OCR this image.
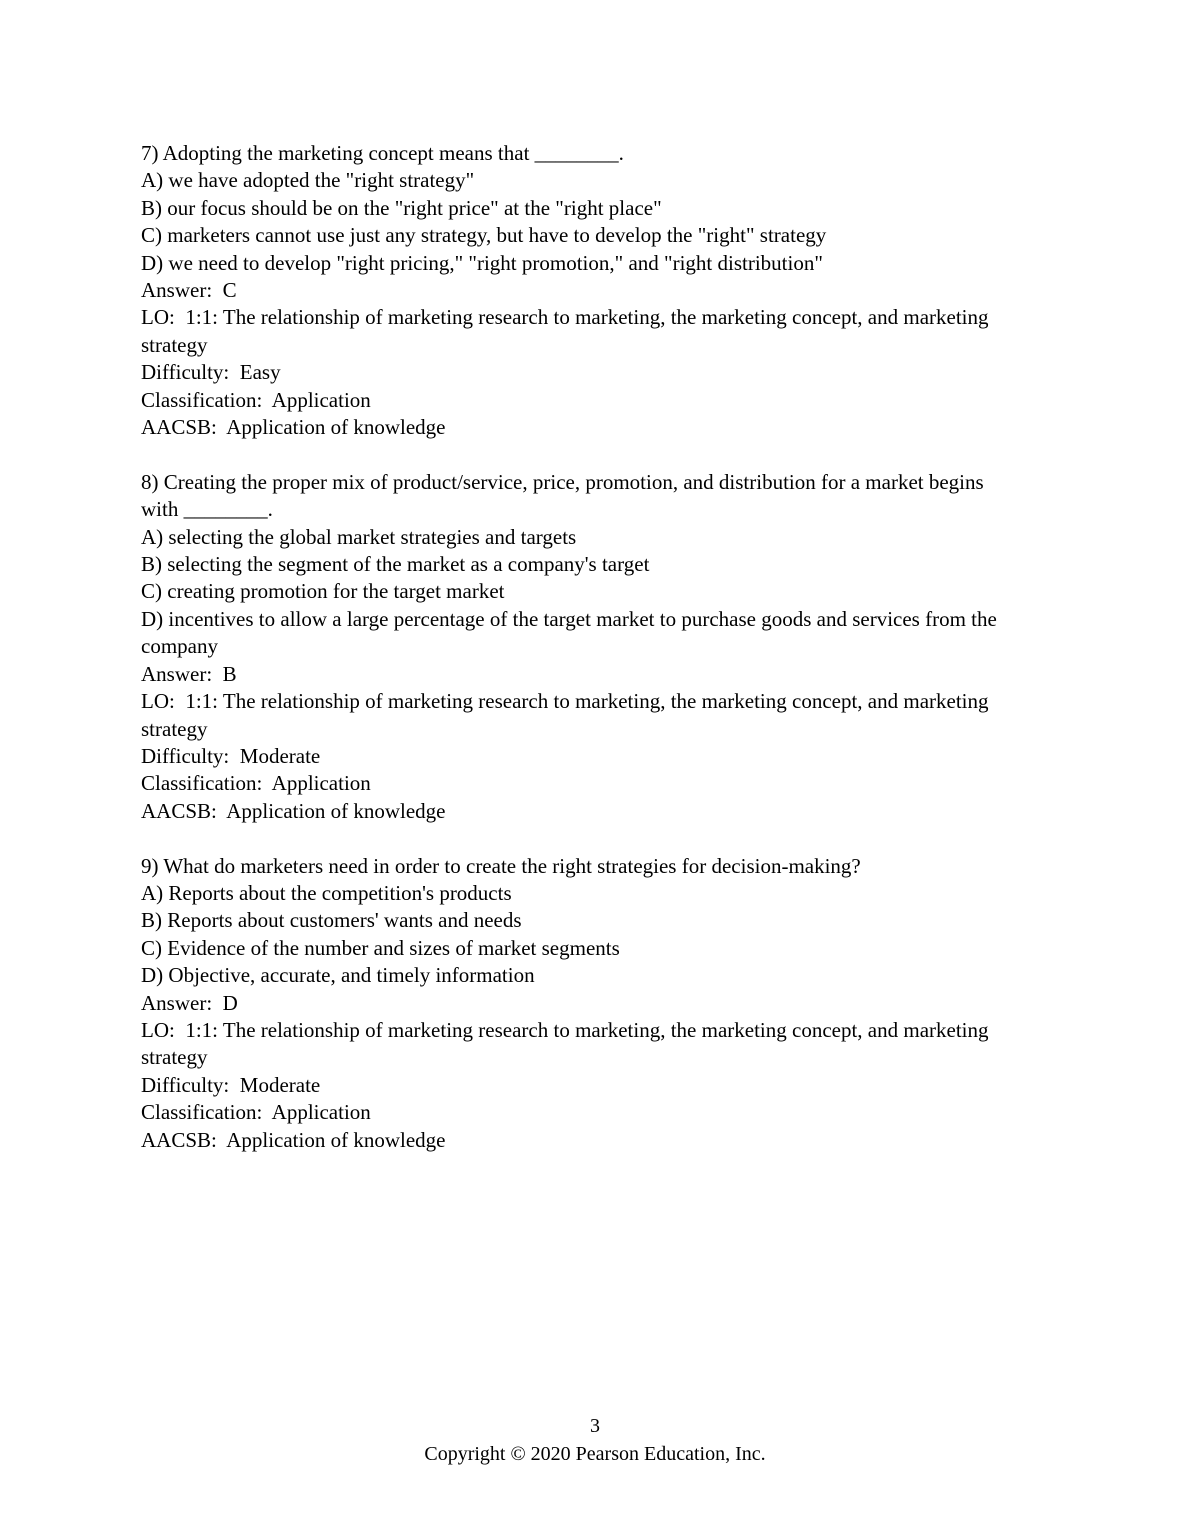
7) Adopting the marketing concept means that ________.
A) we have adopted the "right strategy"
B) our focus should be on the "right price" at the "right place"
C) marketers cannot use just any strategy, but have to develop the "right" strategy
D) we need to develop "right pricing," "right promotion," and "right distribution"
Answer:  C
LO:  1:1: The relationship of marketing research to marketing, the marketing concept, and marketing strategy
Difficulty:  Easy
Classification:  Application
AACSB:  Application of knowledge
8) Creating the proper mix of product/service, price, promotion, and distribution for a market begins with ________.
A) selecting the global market strategies and targets
B) selecting the segment of the market as a company's target
C) creating promotion for the target market
D) incentives to allow a large percentage of the target market to purchase goods and services from the company
Answer:  B
LO:  1:1: The relationship of marketing research to marketing, the marketing concept, and marketing strategy
Difficulty:  Moderate
Classification:  Application
AACSB:  Application of knowledge
9) What do marketers need in order to create the right strategies for decision-making?
A) Reports about the competition's products
B) Reports about customers' wants and needs
C) Evidence of the number and sizes of market segments
D) Objective, accurate, and timely information
Answer:  D
LO:  1:1: The relationship of marketing research to marketing, the marketing concept, and marketing strategy
Difficulty:  Moderate
Classification:  Application
AACSB:  Application of knowledge
3
Copyright © 2020 Pearson Education, Inc.
